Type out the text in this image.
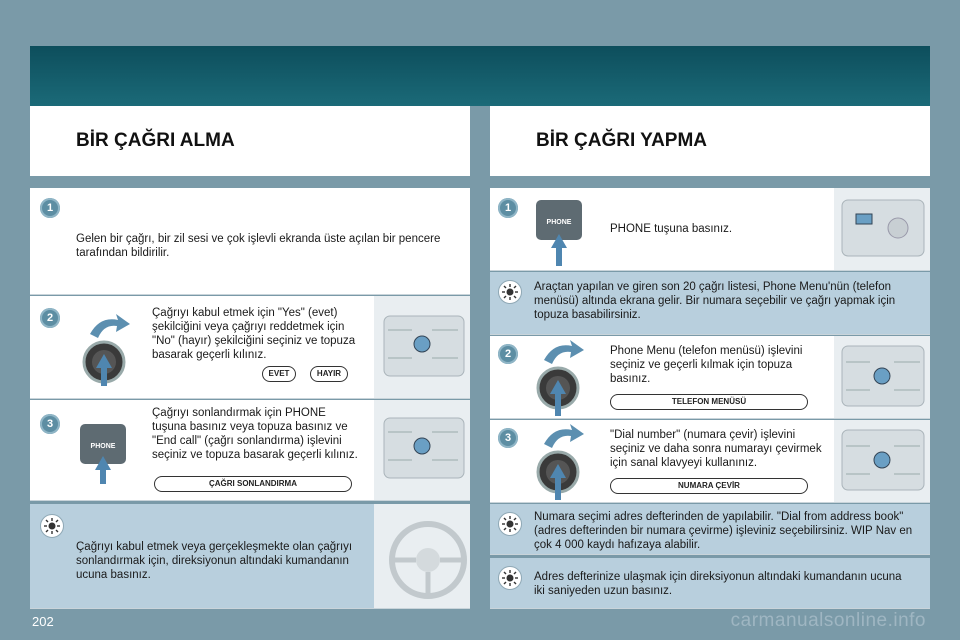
BİR ÇAĞRI ALMA
1
Gelen bir çağrı, bir zil sesi ve çok işlevli ekranda üste açılan bir pencere tarafından bildirilir.
2	Çağrıyı kabul etmek için "Yes" (evet) şekilciğini veya çağrıyı reddetmek için "No" (hayır) şekilciğini seçiniz ve topuza basarak geçerli kılınız.
EVET	HAYIR
3
PHONE
Çağrıyı sonlandırmak için PHONE tuşuna basınız veya topuza basınız ve "End call" (çağrı sonlandırma) işlevini seçiniz ve topuza basarak geçerli kılınız.
ÇAĞRI SONLANDIRMA
Çağrıyı kabul etmek veya gerçekleşmekte olan çağrıyı sonlandırmak için, direksiyonun altındaki kumandanın ucuna basınız.
BİR ÇAĞRI YAPMA
1
PHONE
PHONE tuşuna basınız.
Araçtan yapılan ve giren son 20 çağrı listesi, Phone Menu'nün (telefon menüsü) altında ekrana gelir. Bir numara seçebilir ve çağrı yapmak için topuza basabilirsiniz.
2	Phone Menu (telefon menüsü) işlevini seçiniz ve geçerli kılmak için topuza basınız.
TELEFON MENÜSÜ
3	"Dial number" (numara çevir) işlevini seçiniz ve daha sonra numarayı çevirmek için sanal klavyeyi kullanınız.
NUMARA ÇEVİR
Numara seçimi adres defterinden de yapılabilir. "Dial from address book" (adres defterinden bir numara çevirme) işleviniz seçebilirsiniz. WIP Nav en çok 4 000 kaydı hafızaya alabilir.
Adres defterinize ulaşmak için direksiyonun altındaki kumandanın ucuna iki saniyeden uzun basınız.
202	carmanualsonline.info
